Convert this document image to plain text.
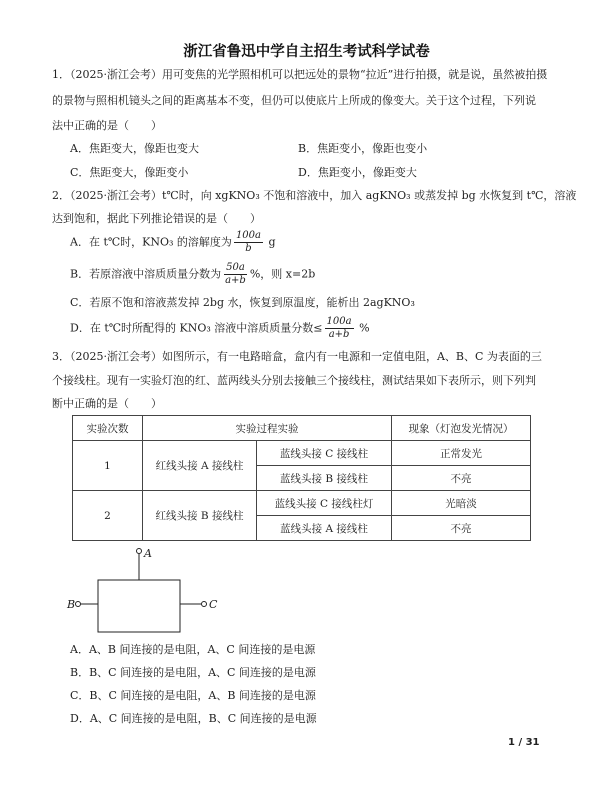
浙江省鲁迅中学自主招生考试科学试卷
1．（2025·浙江会考）用可变焦的光学照相机可以把远处的景物“拉近”进行拍摄，就是说，虽然被拍摄
的景物与照相机镜头之间的距离基本不变，但仍可以使底片上所成的像变大。关于这个过程，下列说
法中正确的是（　　）
A．焦距变大，像距也变大	B．焦距变小，像距也变小
C．焦距变大，像距变小	D．焦距变小，像距变大
2．（2025·浙江会考）t℃时，向 xgKNO₃ 不饱和溶液中，加入 agKNO₃ 或蒸发掉 bg 水恢复到 t℃，溶液
达到饱和，据此下列推论错误的是（　　）
A．在 t℃时，KNO₃ 的溶解度为 $\frac{100a}{b}$ g
B．若原溶液中溶质质量分数为 $\frac{50a}{a+b}$ %，则 x=2b
C．若原不饱和溶液蒸发掉 2bg 水，恢复到原温度，能析出 2agKNO₃
D．在 t℃时所配得的 KNO₃ 溶液中溶质质量分数≤ $\frac{100a}{a+b}$ %
3．（2025·浙江会考）如图所示，有一电路暗盒，盒内有一电源和一定值电阻，A、B、C 为表面的三
个接线柱。现有一实验灯泡的红、蓝两线头分别去接触三个接线柱，测试结果如下表所示，则下列判
断中正确的是（　　）
实验次数	实验过程实验		现象（灯泡发光情况）
1	红线头接 A 接线柱	蓝线头接 C 接线柱	正常发光
		蓝线头接 B 接线柱	不亮
2	红线头接 B 接线柱	蓝线头接 C 接线柱灯	光暗淡
		蓝线头接 A 接线柱	不亮
A
B	C
A．A、B 间连接的是电阻，A、C 间连接的是电源
B．B、C 间连接的是电阻，A、C 间连接的是电源
C．B、C 间连接的是电阻，A、B 间连接的是电源
D．A、C 间连接的是电阻，B、C 间连接的是电源
1 / 31
